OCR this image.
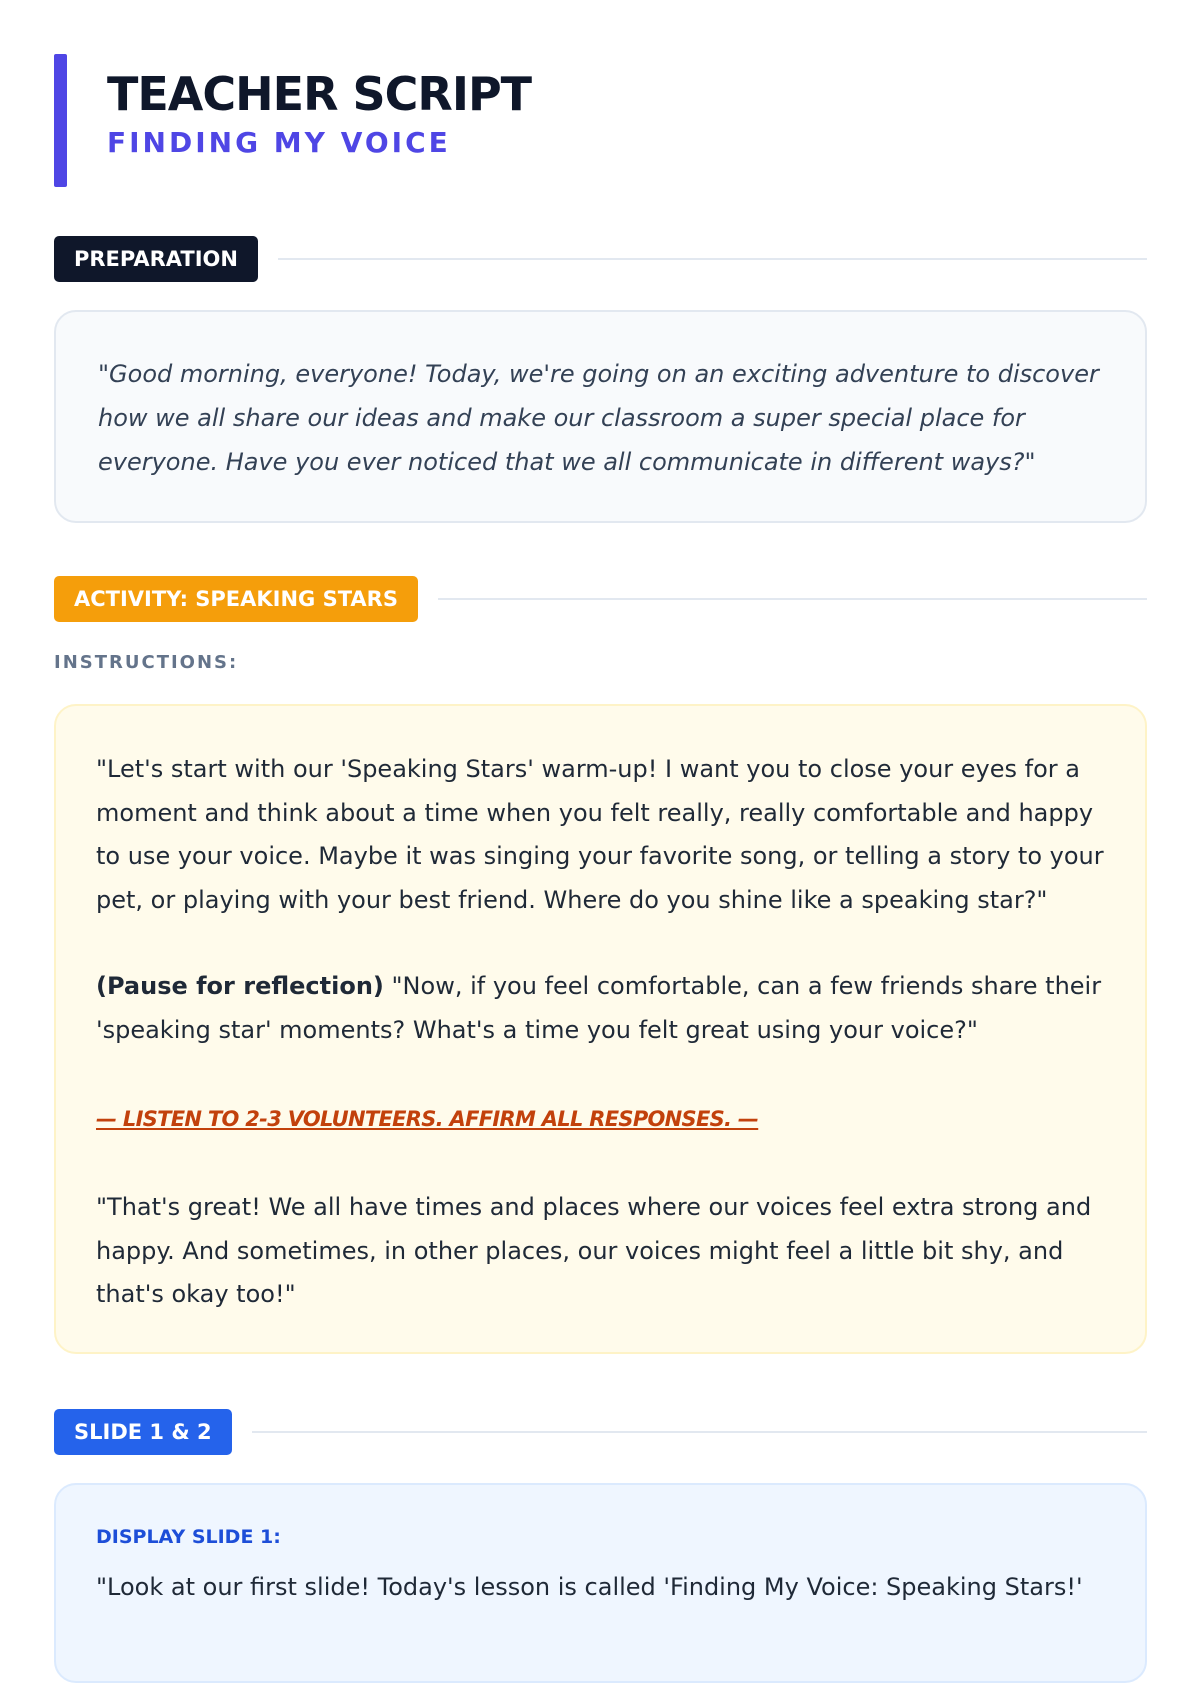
TEACHER SCRIPT
FINDING MY VOICE
PREPARATION

"Good morning, everyone! Today, we're going on an exciting adventure to discover how we all share our ideas and make our classroom a super special place for everyone. Have you ever noticed that we all communicate in different ways?"

ACTIVITY: SPEAKING STARS

INSTRUCTIONS:

"Let's start with our 'Speaking Stars' warm-up! I want you to close your eyes for a moment and think about a time when you felt really, really comfortable and happy to use your voice. Maybe it was singing your favorite song, or telling a story to your pet, or playing with your best friend. Where do you shine like a speaking star?"

(Pause for reflection) "Now, if you feel comfortable, can a few friends share their 'speaking star' moments? What's a time you felt great using your voice?"

— LISTEN TO 2-3 VOLUNTEERS. AFFIRM ALL RESPONSES. —

"That's great! We all have times and places where our voices feel extra strong and happy. And sometimes, in other places, our voices might feel a little bit shy, and that's okay too!"

SLIDE 1 & 2

DISPLAY SLIDE 1:

"Look at our first slide! Today's lesson is called 'Finding My Voice: Speaking Stars!'
